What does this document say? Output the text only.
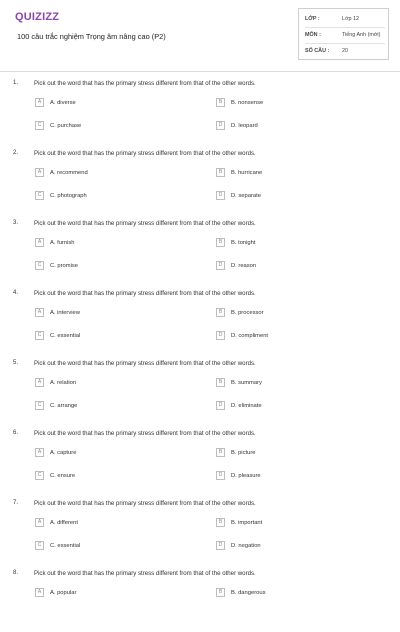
QUIZIZZ
100 câu trắc nghiệm Trọng âm nâng cao (P2)
LỚP :	Lớp 12
MÔN :	Tiếng Anh (mới)
SỐ CÂU : 20
1.	Pick out the word that has the primary stress different from that of the other words.
A	A. diverse	B	B. nonsense
C	C. purchase	D	D. leopard
2.	Pick out the word that has the primary stress different from that of the other words.
A	A. recommend	B	B. hurricane
C	C. photograph	D	D. separate
3.	Pick out the word that has the primary stress different from that of the other words.
A	A. furnish	B	B. tonight
C	C. promise	D	D. reason
4.	Pick out the word that has the primary stress different from that of the other words.
A	A. interview	B	B. processor
C	C. essential	D	D. compliment
5.	Pick out the word that has the primary stress different from that of the other words.
A	A. relation	B	B. summary
C	C. arrange	D	D. eliminate
6.	Pick out the word that has the primary stress different from that of the other words.
A	A. capture	B	B. picture
C	C. ensure	D	D. pleasure
7.	Pick out the word that has the primary stress different from that of the other words.
A	A. different	B	B. important
C	C. essential	D	D. negation
8.	Pick out the word that has the primary stress different from that of the other words.
A	A. popular	B	B. dangerous
